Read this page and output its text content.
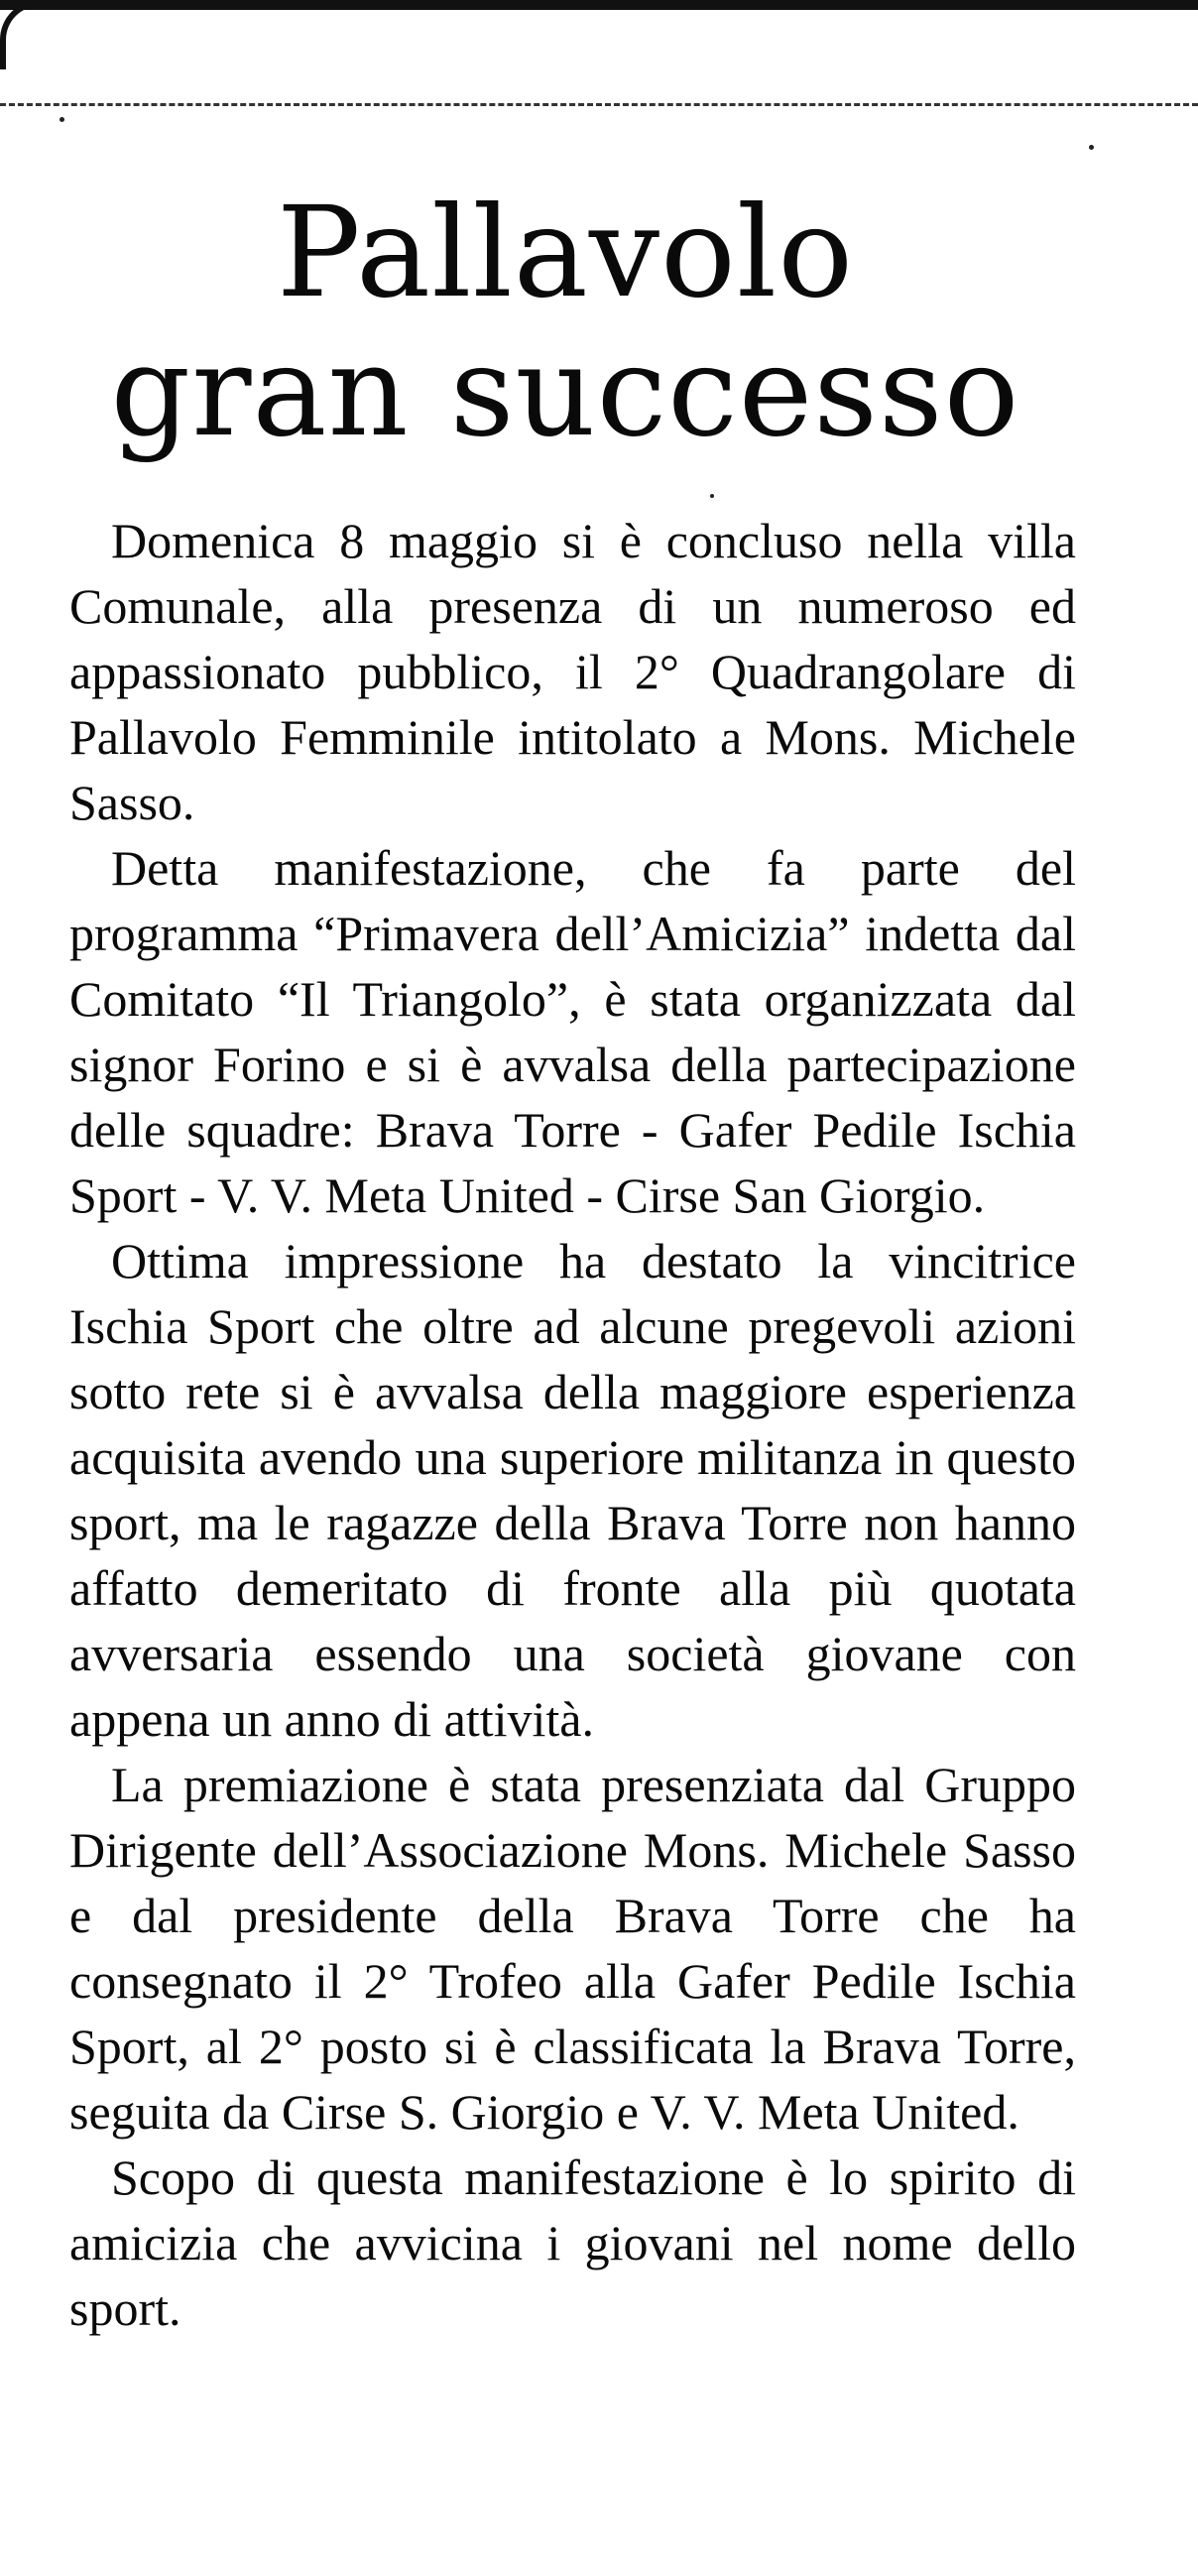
Pallavolo
gran successo

Domenica 8 maggio si è concluso nella villa Comunale, alla presenza di un numeroso ed appassionato pubblico, il 2° Quadrangolare di Pallavolo Femminile intitolato a Mons. Michele Sasso.

Detta manifestazione, che fa parte del programma “Primavera dell’Amicizia” indetta dal Comitato “Il Triangolo”, è stata organizzata dal signor Forino e si è avvalsa della partecipazione delle squadre: Brava Torre - Gafer Pedile Ischia Sport - V. V. Meta United - Cirse San Giorgio.

Ottima impressione ha destato la vincitrice Ischia Sport che oltre ad alcune pregevoli azioni sotto rete si è avvalsa della maggiore esperienza acquisita avendo una superiore militanza in questo sport, ma le ragazze della Brava Torre non hanno affatto demeritato di fronte alla più quotata avversaria essendo una società giovane con appena un anno di attività.

La premiazione è stata presenziata dal Gruppo Dirigente dell’Associazione Mons. Michele Sasso e dal presidente della Brava Torre che ha consegnato il 2° Trofeo alla Gafer Pedile Ischia Sport, al 2° posto si è classificata la Brava Torre, seguita da Cirse S. Giorgio e V. V. Meta United.

Scopo di questa manifestazione è lo spirito di amicizia che avvicina i giovani nel nome dello sport.
